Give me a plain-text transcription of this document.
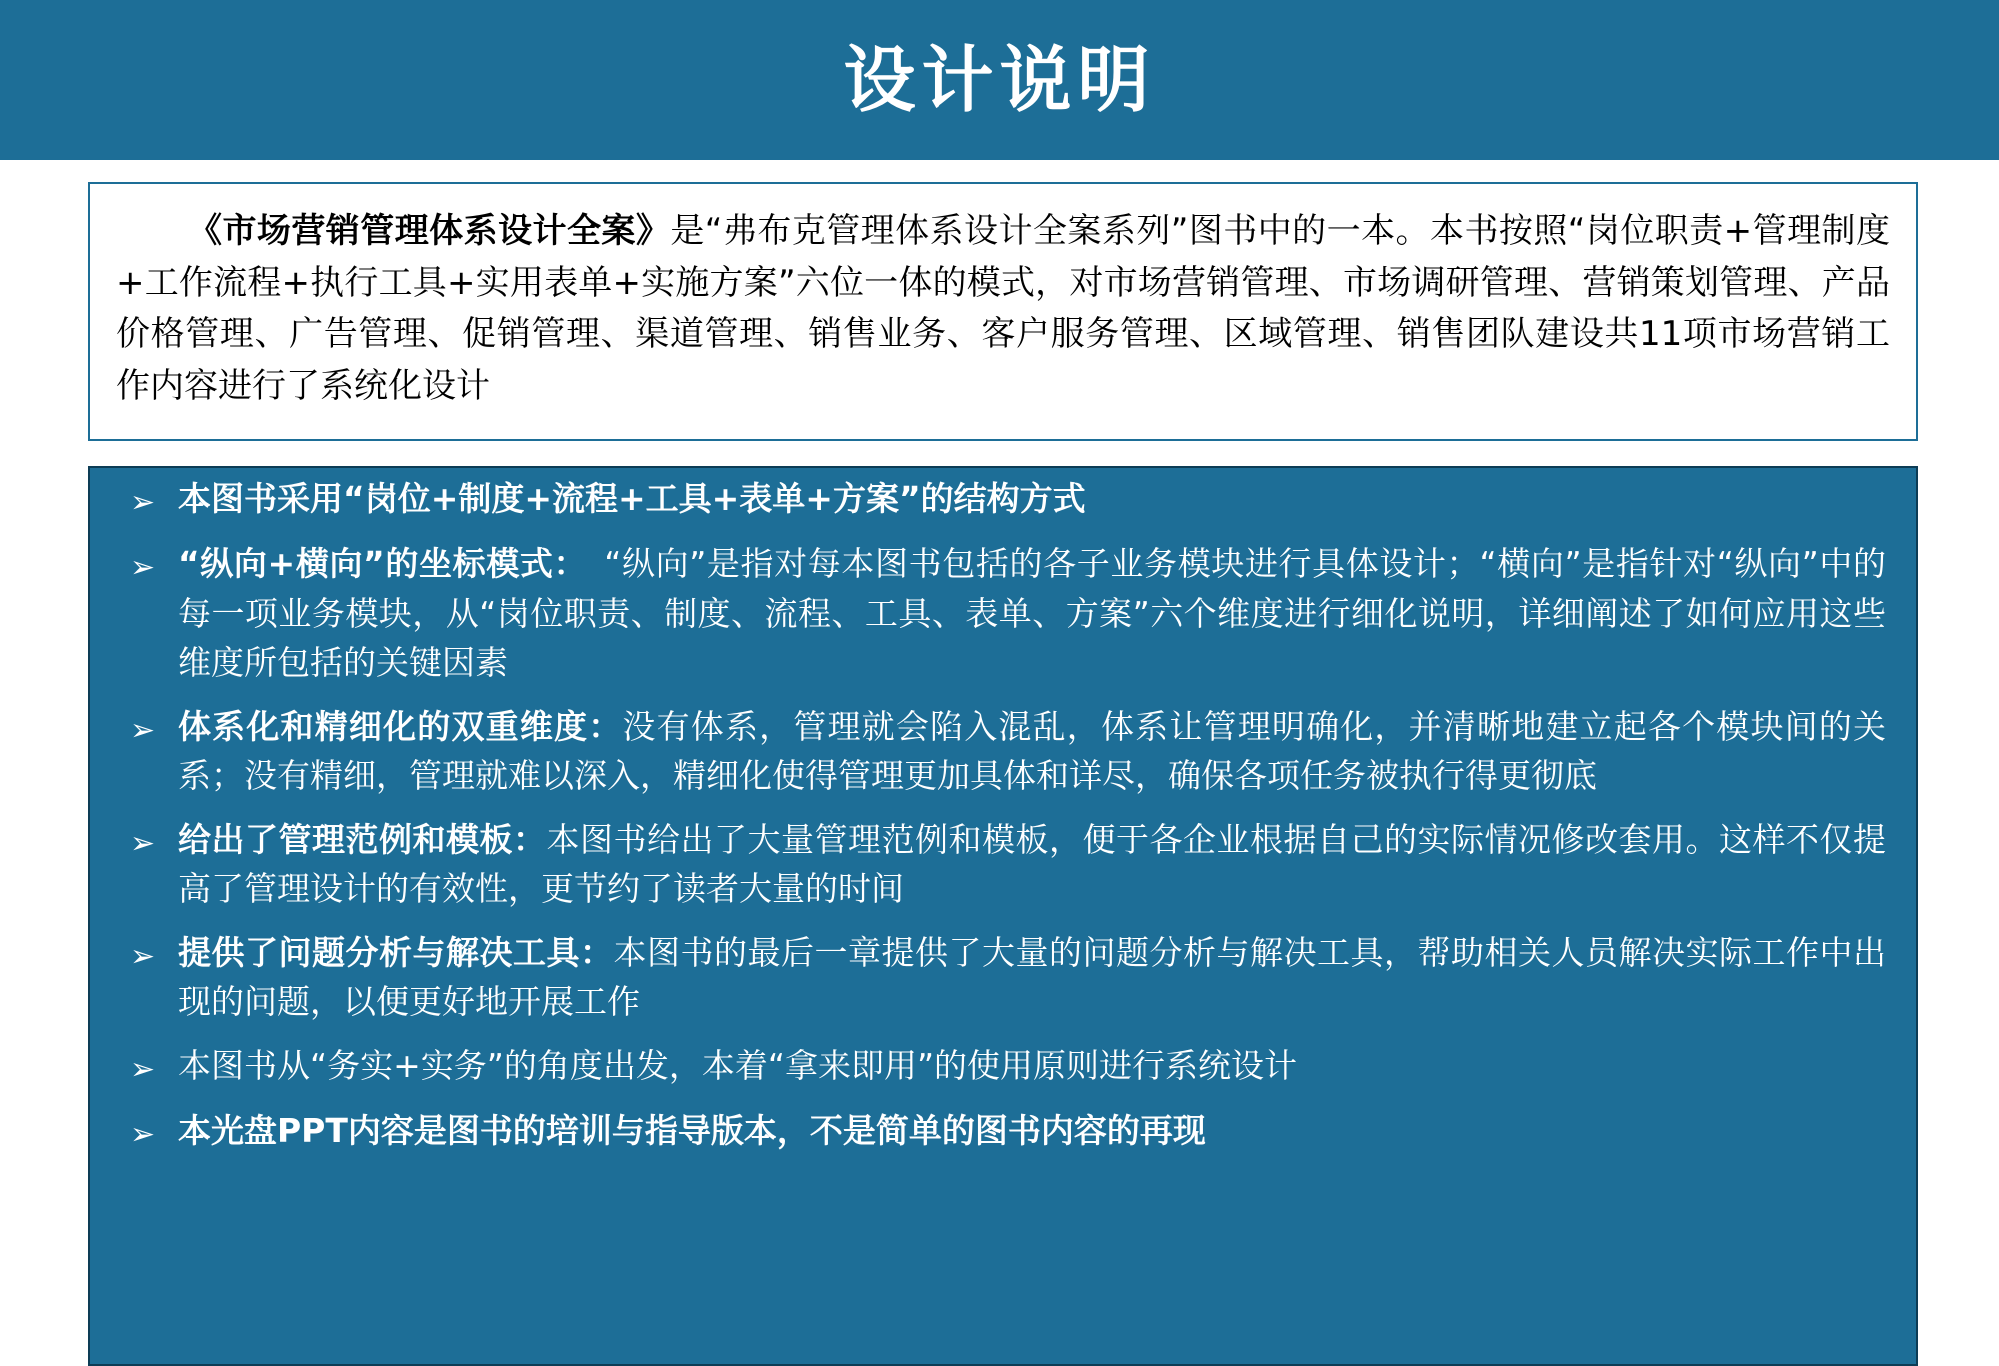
设计说明

《市场营销管理体系设计全案》是“弗布克管理体系设计全案系列”图书中的一本。本书按照“岗位职责+管理制度+工作流程+执行工具+实用表单+实施方案”六位一体的模式，对市场营销管理、市场调研管理、营销策划管理、产品价格管理、广告管理、促销管理、渠道管理、销售业务、客户服务管理、区域管理、销售团队建设共11项市场营销工作内容进行了系统化设计

➢ 本图书采用“岗位+制度+流程+工具+表单+方案”的结构方式
➢ “纵向+横向”的坐标模式：　“纵向”是指对每本图书包括的各子业务模块进行具体设计；“横向”是指针对“纵向”中的每一项业务模块，从“岗位职责、制度、流程、工具、表单、方案”六个维度进行细化说明，详细阐述了如何应用这些维度所包括的关键因素
➢ 体系化和精细化的双重维度：没有体系，管理就会陷入混乱，体系让管理明确化，并清晰地建立起各个模块间的关系；没有精细，管理就难以深入，精细化使得管理更加具体和详尽，确保各项任务被执行得更彻底
➢ 给出了管理范例和模板：本图书给出了大量管理范例和模板，便于各企业根据自己的实际情况修改套用。这样不仅提高了管理设计的有效性，更节约了读者大量的时间
➢ 提供了问题分析与解决工具：本图书的最后一章提供了大量的问题分析与解决工具，帮助相关人员解决实际工作中出现的问题，以便更好地开展工作
➢ 本图书从“务实+实务”的角度出发，本着“拿来即用”的使用原则进行系统设计
➢ 本光盘PPT内容是图书的培训与指导版本，不是简单的图书内容的再现
